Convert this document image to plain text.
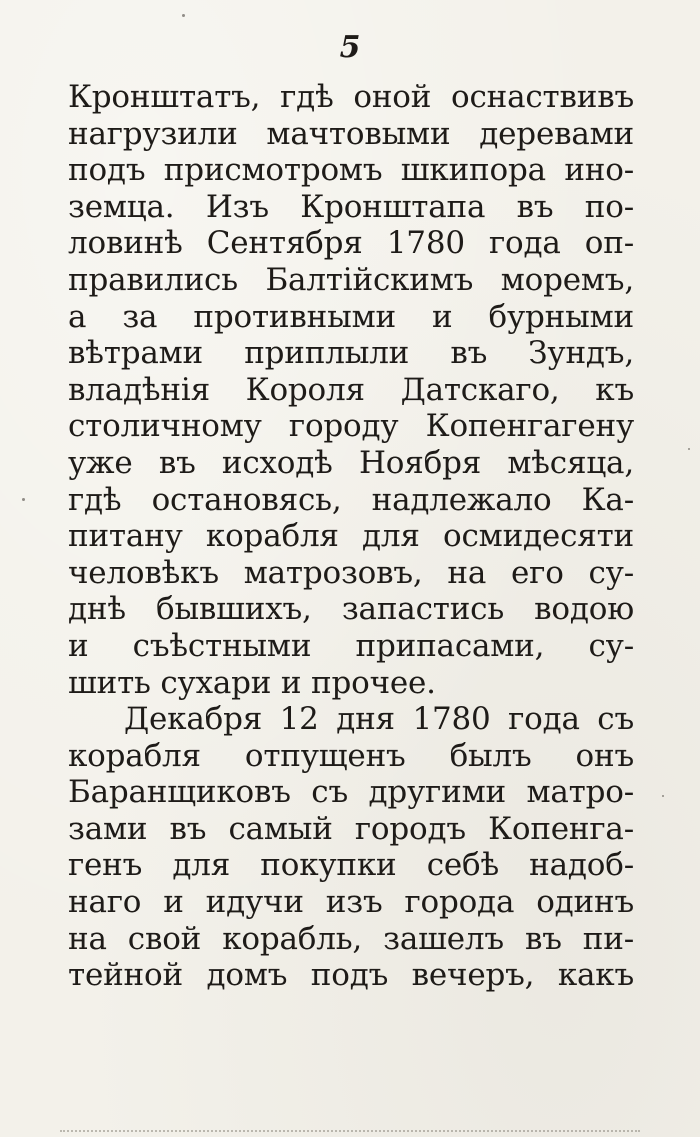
5
Кронштатъ, гдѣ оной оснаствивъ
нагрузили мачтовыми деревами
подъ присмотромъ шкипора ино-
земца. Изъ Кронштапа въ по-
ловинѣ Сентября 1780 года оп-
правились Балтійскимъ моремъ,
а за противными и бурными
вѣтрами приплыли въ Зундъ,
владѣнія Короля Датскаго, къ
столичному городу Копенгагену
уже въ исходѣ Ноября мѣсяца,
гдѣ остановясь, надлежало Ка-
питану корабля для осмидесяти
человѣкъ матрозовъ, на его су-
днѣ бывшихъ, запастись водою
и съѣстными припасами, су-
шить сухари и прочее.
Декабря 12 дня 1780 года съ
корабля отпущенъ былъ онъ
Баранщиковъ съ другими матро-
зами въ самый городъ Копенга-
генъ для покупки себѣ надоб-
наго и идучи изъ города одинъ
на свой корабль, зашелъ въ пи-
тейной домъ подъ вечеръ, какъ
